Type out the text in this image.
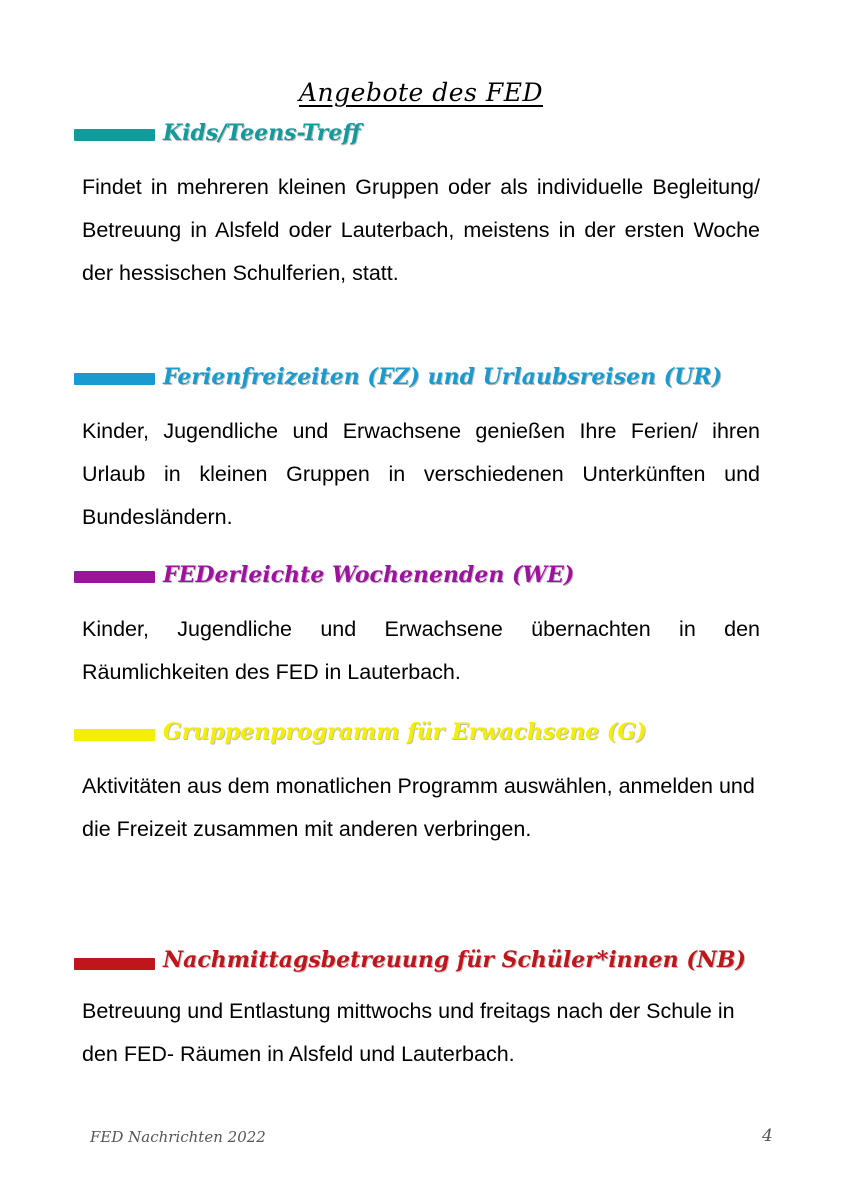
Angebote des FED
Kids/Teens-Treff
Findet in mehreren kleinen Gruppen oder als individuelle Begleitung/ Betreuung in Alsfeld oder Lauterbach, meistens in der ersten Woche der hessischen Schulferien, statt.
Ferienfreizeiten (FZ) und Urlaubsreisen (UR)
Kinder, Jugendliche und Erwachsene genießen Ihre Ferien/ ihren Urlaub in kleinen Gruppen in verschiedenen Unterkünften und Bundesländern.
FEDerleichte Wochenenden (WE)
Kinder, Jugendliche und Erwachsene übernachten in den Räumlichkeiten des FED in Lauterbach.
Gruppenprogramm für Erwachsene (G)
Aktivitäten aus dem monatlichen Programm auswählen, anmelden und die Freizeit zusammen mit anderen verbringen.
Nachmittagsbetreuung für Schüler*innen (NB)
Betreuung und Entlastung mittwochs und freitags nach der Schule in den FED- Räumen in Alsfeld und Lauterbach.
FED Nachrichten 2022	4
